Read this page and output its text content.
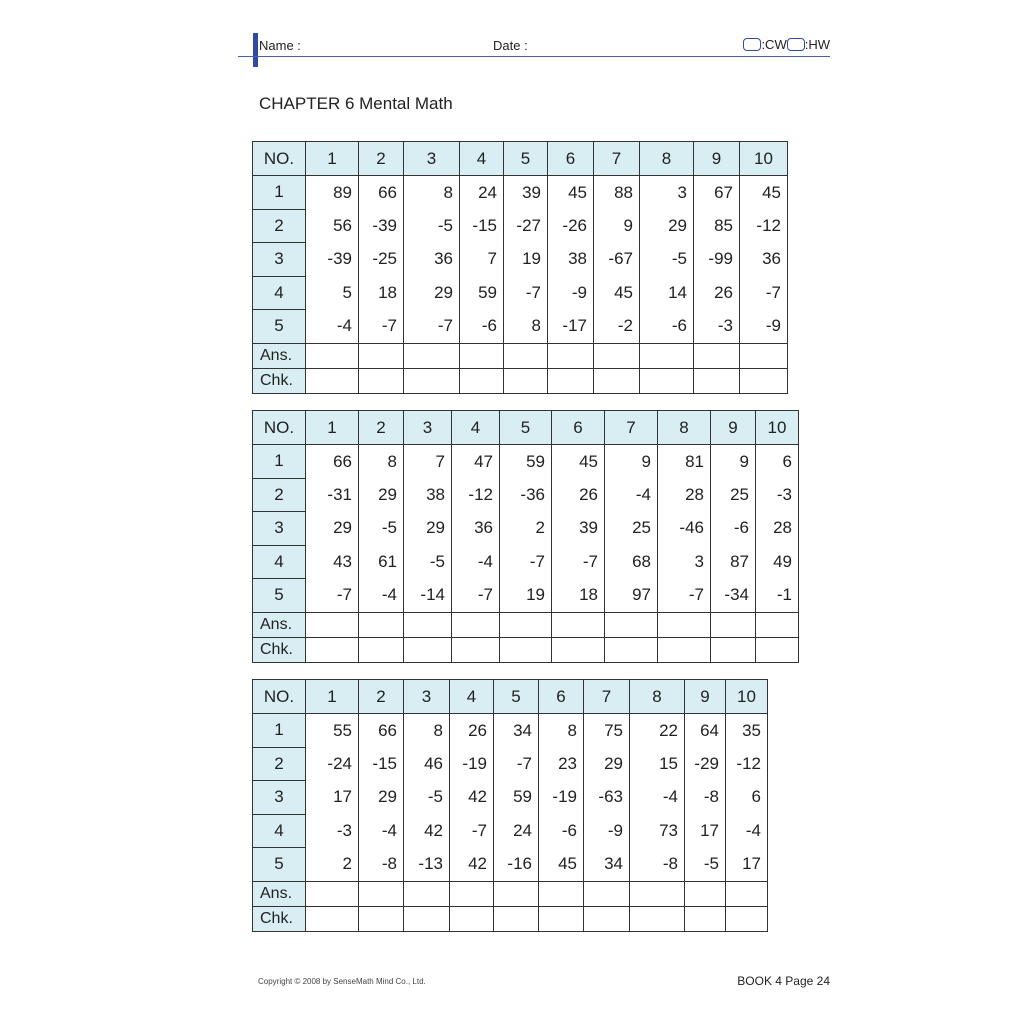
Name :	Date :	:CW :HW
CHAPTER 6 Mental Math
NO.	1	2	3	4	5	6	7	8	9	10
1	89	66	8	24	39	45	88	3	67	45
2	56	-39	-5	-15	-27	-26	9	29	85	-12
3	-39	-25	36	7	19	38	-67	-5	-99	36
4	5	18	29	59	-7	-9	45	14	26	-7
5	-4	-7	-7	-6	8	-17	-2	-6	-3	-9
Ans.										
Chk.										
NO.	1	2	3	4	5	6	7	8	9	10
1	66	8	7	47	59	45	9	81	9	6
2	-31	29	38	-12	-36	26	-4	28	25	-3
3	29	-5	29	36	2	39	25	-46	-6	28
4	43	61	-5	-4	-7	-7	68	3	87	49
5	-7	-4	-14	-7	19	18	97	-7	-34	-1
Ans.										
Chk.										
NO.	1	2	3	4	5	6	7	8	9	10
1	55	66	8	26	34	8	75	22	64	35
2	-24	-15	46	-19	-7	23	29	15	-29	-12
3	17	29	-5	42	59	-19	-63	-4	-8	6
4	-3	-4	42	-7	24	-6	-9	73	17	-4
5	2	-8	-13	42	-16	45	34	-8	-5	17
Ans.										
Chk.										
Copyright © 2008 by SenseMath Mind Co., Ltd.	BOOK 4 Page 24
